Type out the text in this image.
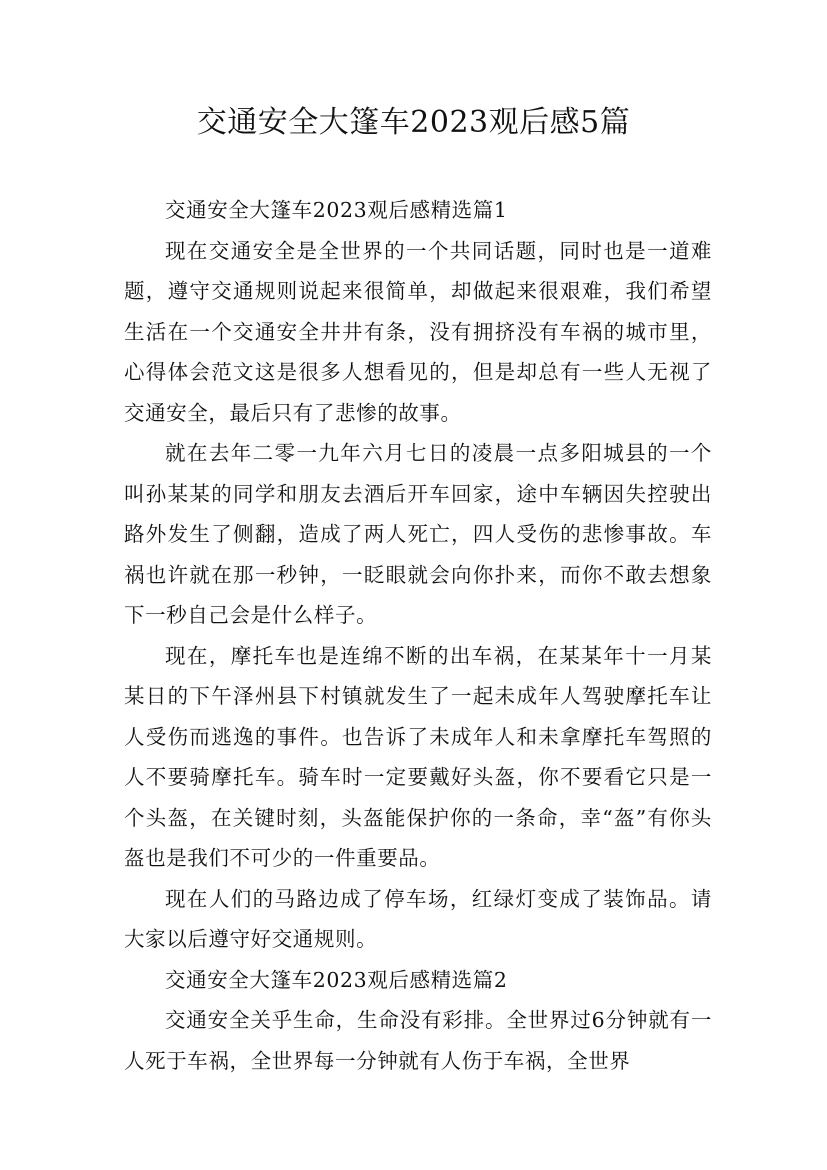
交通安全大篷车2023观后感5篇

交通安全大篷车2023观后感精选篇1

现在交通安全是全世界的一个共同话题，同时也是一道难题，遵守交通规则说起来很简单，却做起来很艰难，我们希望生活在一个交通安全井井有条，没有拥挤没有车祸的城市里，心得体会范文这是很多人想看见的，但是却总有一些人无视了交通安全，最后只有了悲惨的故事。

就在去年二零一九年六月七日的凌晨一点多阳城县的一个叫孙某某的同学和朋友去酒后开车回家，途中车辆因失控驶出路外发生了侧翻，造成了两人死亡，四人受伤的悲惨事故。车祸也许就在那一秒钟，一眨眼就会向你扑来，而你不敢去想象下一秒自己会是什么样子。

现在，摩托车也是连绵不断的出车祸，在某某年十一月某某日的下午泽州县下村镇就发生了一起未成年人驾驶摩托车让人受伤而逃逸的事件。也告诉了未成年人和未拿摩托车驾照的人不要骑摩托车。骑车时一定要戴好头盔，你不要看它只是一个头盔，在关键时刻，头盔能保护你的一条命，幸“盔”有你头盔也是我们不可少的一件重要品。

现在人们的马路边成了停车场，红绿灯变成了装饰品。请大家以后遵守好交通规则。

交通安全大篷车2023观后感精选篇2

交通安全关乎生命，生命没有彩排。全世界过6分钟就有一人死于车祸，全世界每一分钟就有人伤于车祸，全世界
